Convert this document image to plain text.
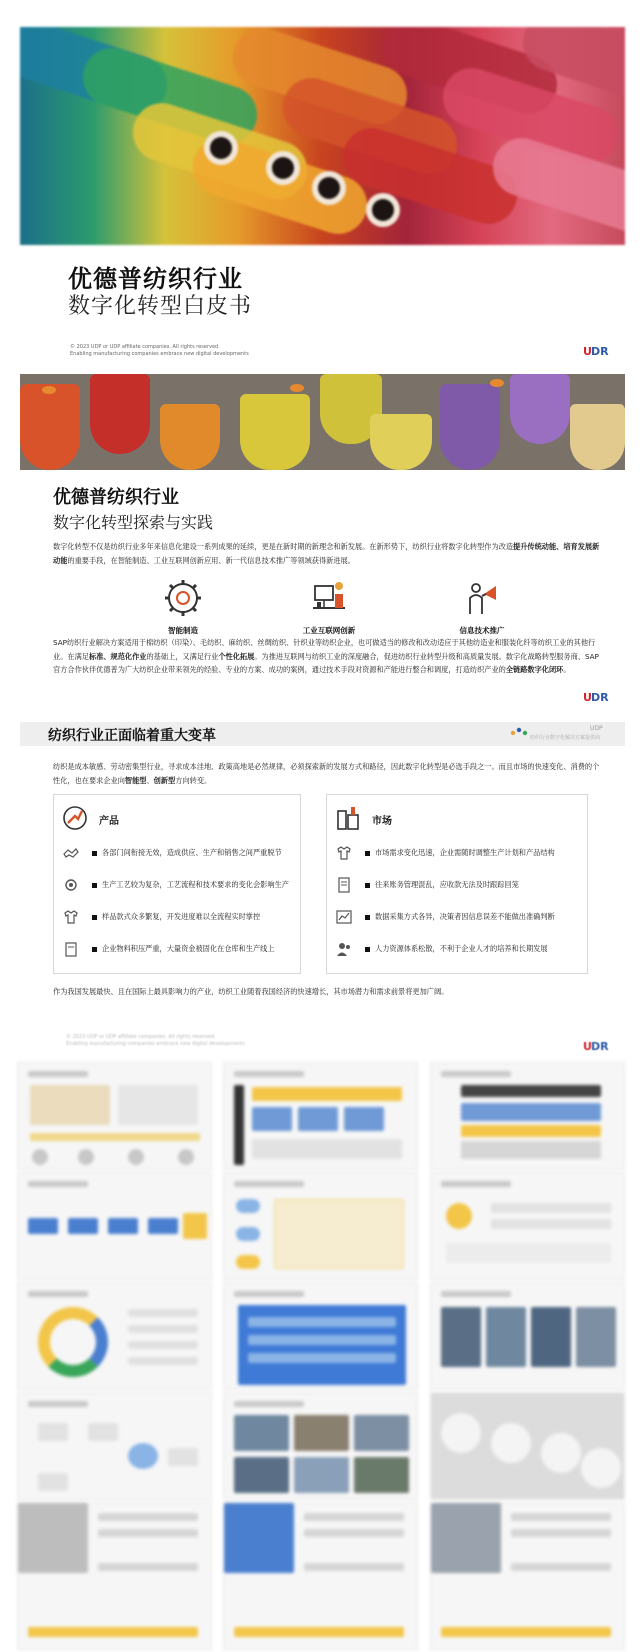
优德普纺织行业
数字化转型白皮书
© 2023 UDP or UDP affiliate companies. All rights reserved.
Enabling manufacturing companies embrace new digital developments	U DR
优德普纺织行业
数字化转型探索与实践
数字化转型不仅是纺织行业多年来信息化建设一系列成果的延续，更是在新时期的新理念和新发展。在新形势下，纺织行业将数字化转型作为改造提升传统动能、培育发展新动能的重要手段，在智能制造、工业互联网创新应用、新一代信息技术推广等领域获得新进展。
智能制造	工业互联网创新	信息技术推广
SAP纺织行业解决方案适用于棉纺织（印染）、毛纺织、麻纺织、丝绸纺织、针织业等纺织企业，也可做适当的修改和改动适应于其他纺造业和服装化纤等纺织工业的其他行业。在满足标准、规范化作业的基础上，又满足行业个性化拓展。为推进互联网与纺织工业的深度融合，促进纺织行业转型升级和高质量发展。数字化战略转型服务商、SAP官方合作伙伴优德普为广大纺织企业带来领先的经验、专业的方案、成功的案例，通过技术手段对资源和产能进行整合和调度，打造纺织产业的全链路数字化闭环。
U DR
纺织行业正面临着重大变革	UDP
纺织行业数字化解决方案提供商
纺织是成本敏感、劳动密集型行业，寻求成本洼地、政策高地是必然规律，必须探索新的发展方式和路径，因此数字化转型是必选手段之一。而且市场的快速变化、消费的个性化，也在要求企业向智能型、创新型方向转变。
产品
各部门间衔接无效，造成供应、生产和销售之间严重脱节
生产工艺较为复杂，工艺流程和技术要求的变化会影响生产
样品款式众多繁复，开发进度难以全流程实时掌控
企业物料积压严重，大量资金被固化在仓库和生产线上
市场
市场需求变化迅速，企业需随时调整生产计划和产品结构
往来账务管理混乱，应收款无法及时跟踪回笼
数据采集方式各异，决策者因信息误差不能做出准确判断
人力资源体系松散，不利于企业人才的培养和长期发展
作为我国发展最快、且在国际上最具影响力的产业，纺织工业随着我国经济的快速增长，其市场潜力和需求前景将更加广阔。
© 2023 UDP or UDP affiliate companies. All rights reserved.
Enabling manufacturing companies embrace new digital developments	U DR
